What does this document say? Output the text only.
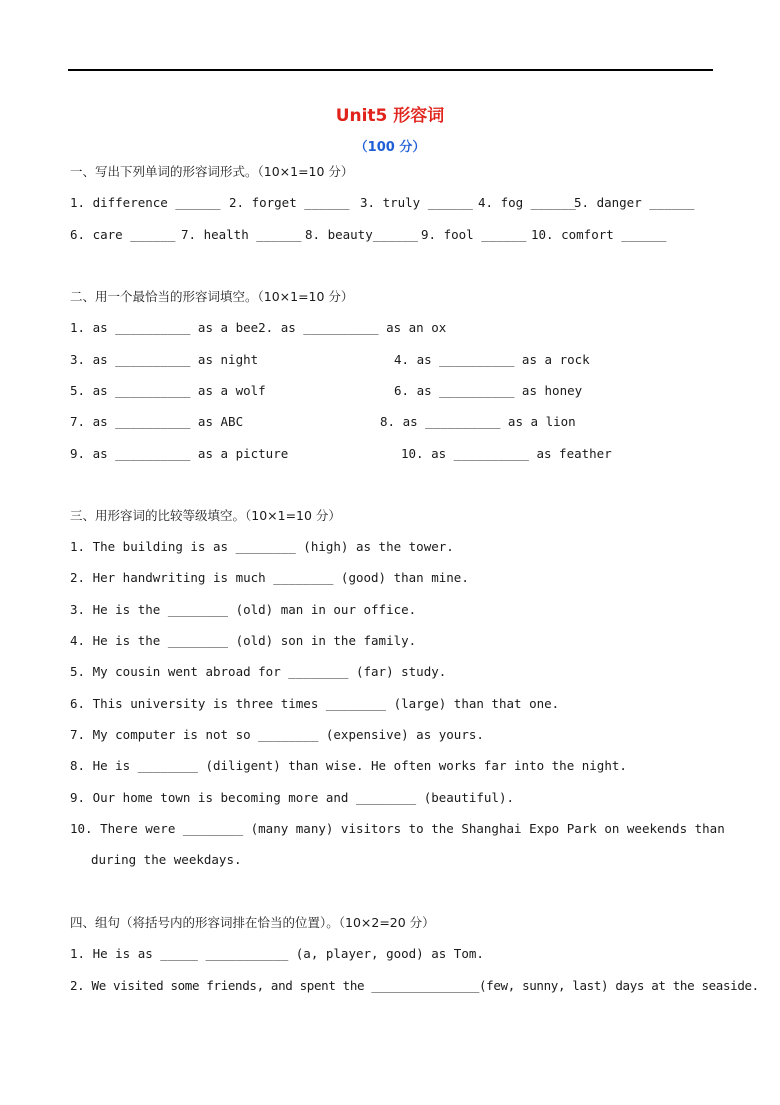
Unit5 形容词
（100 分）
一、写出下列单词的形容词形式。（10×1=10 分）
1. difference ______ 2. forget ______ 3. truly ______ 4. fog ______
5. danger ______
6. care ______ 7. health ______ 8. beauty______ 9. fool ______ 10. comfort ______
二、用一个最恰当的形容词填空。（10×1=10 分）
1. as __________ as a bee2. as __________ as an ox
3. as __________ as night	4. as __________ as a rock
5. as __________ as a wolf	6. as __________ as honey
7. as __________ as ABC	8. as __________ as a lion
9. as __________ as a picture	10. as __________ as feather
三、用形容词的比较等级填空。（10×1=10 分）
1. The building is as ________ (high) as the tower.
2. Her handwriting is much ________ (good) than mine.
3. He is the ________ (old) man in our office.
4. He is the ________ (old) son in the family.
5. My cousin went abroad for ________ (far) study.
6. This university is three times ________ (large) than that one.
7. My computer is not so ________ (expensive) as yours.
8. He is ________ (diligent) than wise. He often works far into the night.
9. Our home town is becoming more and ________ (beautiful).
10. There were ________ (many many) visitors to the Shanghai Expo Park on weekends than
during the weekdays.
四、组句（将括号内的形容词排在恰当的位置）。（10×2=20 分）
1. He is as _____ ___________ (a, player, good) as Tom.
2. We visited some friends, and spent the _______________(few, sunny, last) days at the seaside.
